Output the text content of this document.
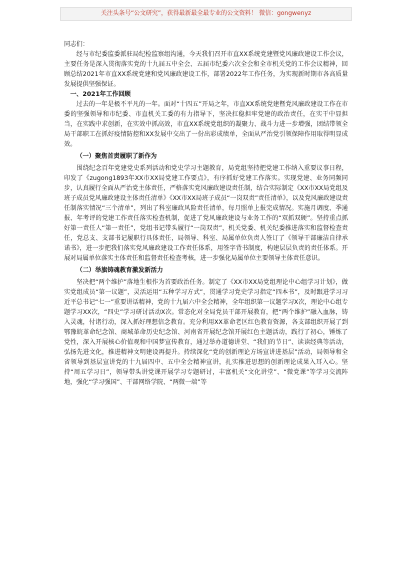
关注头条号“公文研究”，获得最新最全最专业的公文资料！ 微信：gongwenyz
同志们：

经与市纪委监委派驻局纪检监察组沟通，今天我们召开市直XX系统党建暨党风廉政建设工作会议，主要任务是深入贯彻落实党的十九届五中全会、五届市纪委六次全会和全市机关党的工作会议精神，回顾总结2021年市直XX系统党建和党风廉政建设工作，部署2022年工作任务，为实现新时期市各高质量发展提供坚强保证。

一、2021年工作回顾

过去的一年是极不平凡的一年。面对“十四五”开局之年，市直XX系统党建暨党风廉政建设工作在市委的坚强领导和市纪委、市直机关工委的有力指导下，坚决扛稳担牢党建的政治责任，在实干中显担当，在实践中求创新，在实效中抓高效，市直XX系统党组织的凝聚力、战斗力进一步增强，团结带领全局干部职工在抓好疫情防控和XX发展中交出了一份出彩成绩单，全面从严治党引领保障作用取得明显成效。

（一）聚焦首责履职了新作为

围绕纪念百年党建党史系列活动和党史学习主题教育，局党组坚持把党建工作纳入重要议事日程，印发了《zugong1893年XX市XX局党建工作要点》，有序抓好党建工作落实。实现党建、业务同频同步，认真履行全面从严治党主体责任，严格落实党风廉政建设责任制，结合实际制定《XX市XX局党组及班子成员党风廉政建设主体责任清单》《XX市XX局班子成员“一岗双责”责任清单》，以及党风廉政建设责任制落实情况“三个清单”，列出了科室廉政风险责任清单，每月照单上报完成情况。实施月调度、季通报、年考评的党建工作责任落实检查机制，促进了党风廉政建设与业务工作的“双抓双硬”。坚持重点抓好第一责任人“第一责任”，党组书记带头履行“一岗双责”，机关党委、机关纪委推进落实和监督检查责任，党总支、支部书记履职行具体责任，局领导、科室、局属单位负责人签订了《领导干部廉洁自律承诺书》，进一步把我们落实党风廉政建设工作责任体系，用签字背书制度，构建层层负责的责任体系。开展对局属单位落实主体责任和监督责任检查考核，进一步强化局属单位主要领导主体责任意识。

（二）举旗铸魂教育激发新活力

坚决把“两个维护”落地生根作为首要政治任务。制定了《XX市XX局党组理论中心组学习计划》，做实党组成员“第一议题”，灵活运用“五种学习方式”，贯通学习党史学习指定“四本书”，及时跟进学习习近平总书记“七一”重要讲话精神，党的十九届六中全会精神，全年组织第一议题学习X次，理论中心组专题学习XX次，“四史”学习研讨活动X次。常态化对全局党员干部开展教育，把“两个维护”融入血脉，铸入灵魂，付诸行动，深入抓好理想信念教育。充分利用XX革命老区红色教育资源，各支部组织开展了到鄂豫皖革命纪念馆、商城革命历史纪念馆、河南省开展纪念馆开展红色主题活动，践行了初心，锤炼了党性，深入开展核心价值观和中国梦宣传教育，通过举办道德讲堂、“我们的节日”、读读经典等活动，弘扬先进文化，推进精神文明建设再提升。持续深化“党的创新理论方场宣讲进基层”活动，局领导和全省领导到基层宣讲党的十九届四中、五中全会精神宣讲，扎实推进思想的创新理论成果入耳入心。坚持“周五学习日”，领导带头讲党课开展学习专题研讨，丰富机关“文化讲堂”、“微党课”等学习交流阵地，强化“学习强国”、干部网络学院、“两微一端”等
